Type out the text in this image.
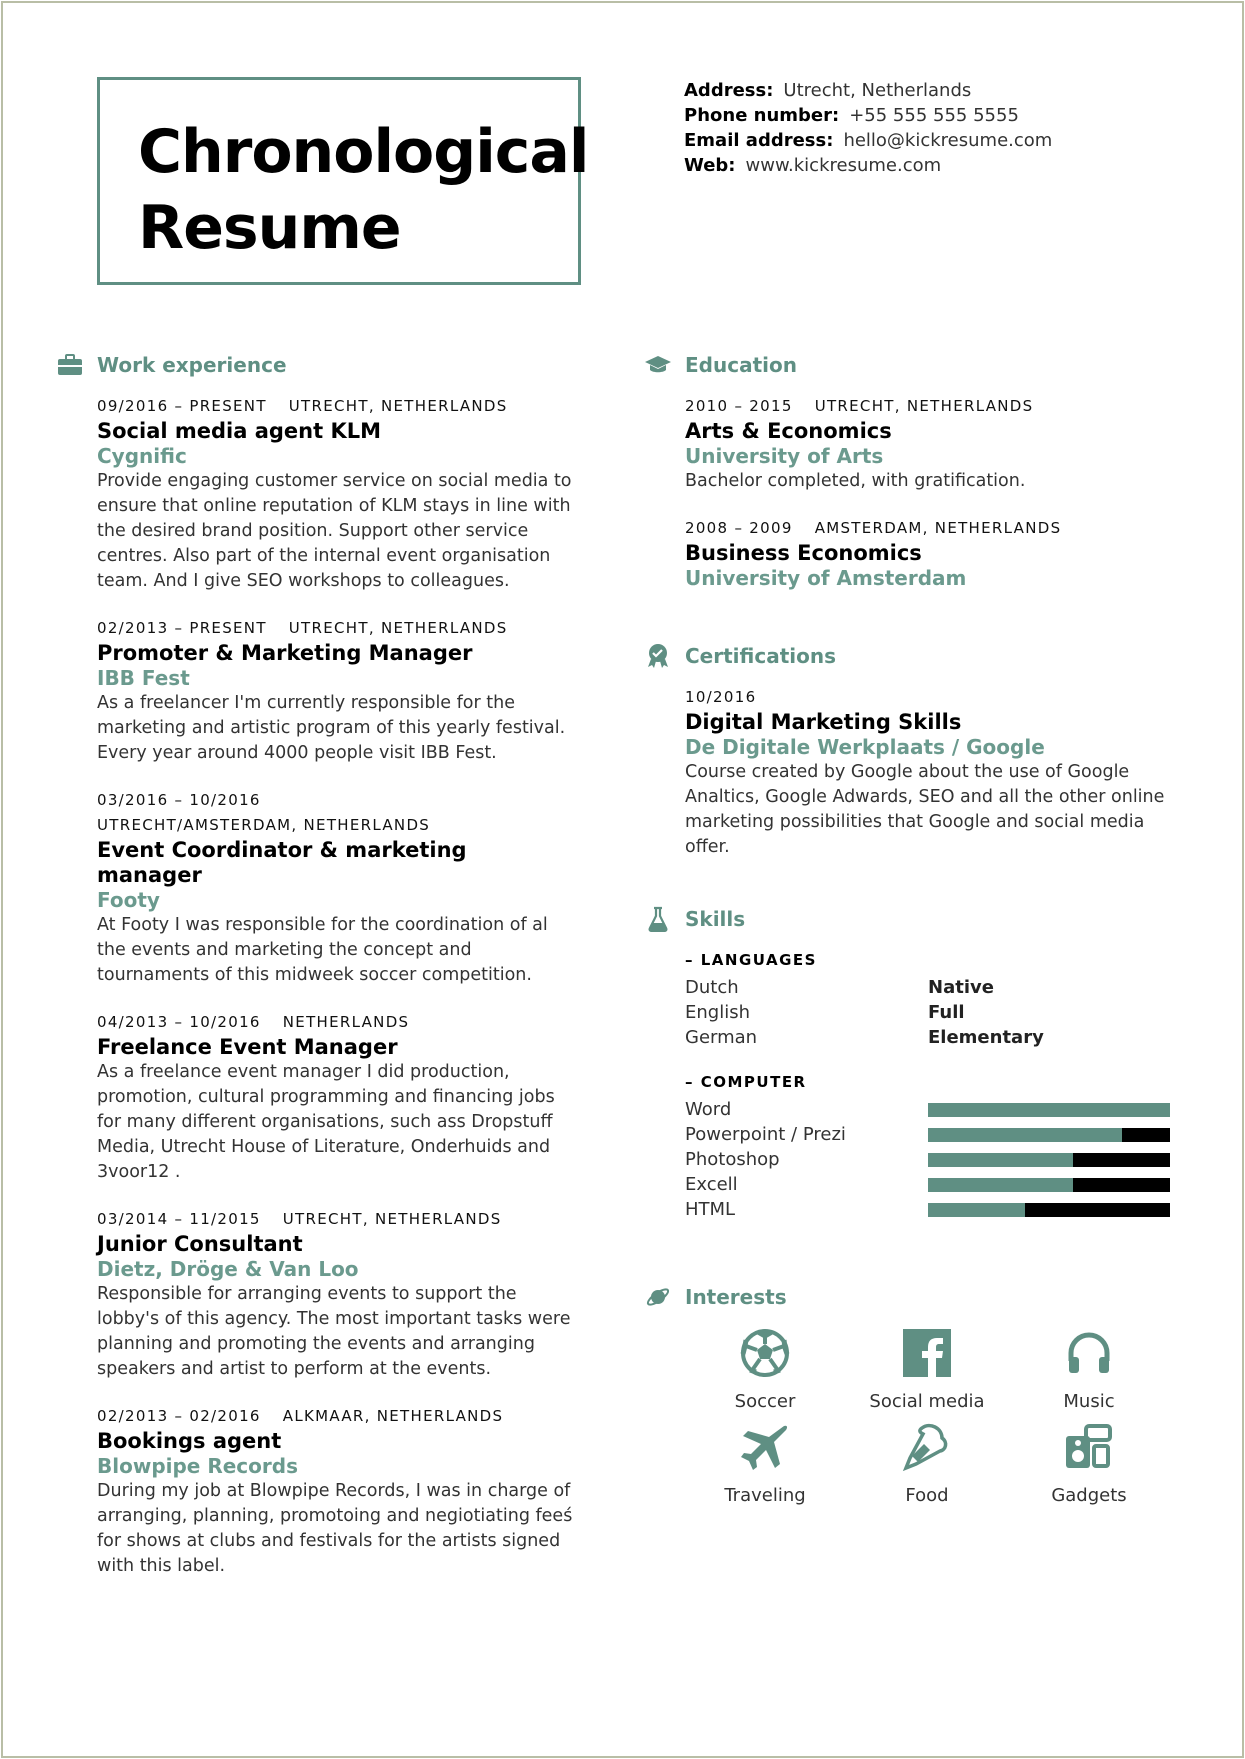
Chronological
Resume
Address: Utrecht, Netherlands
Phone number: +55 555 555 5555
Email address: hello@kickresume.com
Web: www.kickresume.com
Work experience
09/2016 – PRESENT UTRECHT, NETHERLANDS
Social media agent KLM
Cygnific
Provide engaging customer service on social media to ensure that online reputation of KLM stays in line with the desired brand position. Support other service centres. Also part of the internal event organisation team. And I give SEO workshops to colleagues.
02/2013 – PRESENT UTRECHT, NETHERLANDS
Promoter & Marketing Manager
IBB Fest
As a freelancer I'm currently responsible for the marketing and artistic program of this yearly festival. Every year around 4000 people visit IBB Fest.
03/2016 – 10/2016
UTRECHT/AMSTERDAM, NETHERLANDS
Event Coordinator & marketing manager
Footy
At Footy I was responsible for the coordination of al the events and marketing the concept and tournaments of this midweek soccer competition.
04/2013 – 10/2016 NETHERLANDS
Freelance Event Manager
As a freelance event manager I did production, promotion, cultural programming and financing jobs for many different organisations, such ass Dropstuff Media, Utrecht House of Literature, Onderhuids and 3voor12 .
03/2014 – 11/2015 UTRECHT, NETHERLANDS
Junior Consultant
Dietz, Dröge & Van Loo
Responsible for arranging events to support the lobby's of this agency. The most important tasks were planning and promoting the events and arranging speakers and artist to perform at the events.
02/2013 – 02/2016 ALKMAAR, NETHERLANDS
Bookings agent
Blowpipe Records
During my job at Blowpipe Records, I was in charge of arranging, planning, promotoing and negiotiating feeś for shows at clubs and festivals for the artists signed with this label.
Education
2010 – 2015 UTRECHT, NETHERLANDS
Arts & Economics
University of Arts
Bachelor completed, with gratification.
2008 – 2009 AMSTERDAM, NETHERLANDS
Business Economics
University of Amsterdam
Certifications
10/2016
Digital Marketing Skills
De Digitale Werkplaats / Google
Course created by Google about the use of Google Analtics, Google Adwards, SEO and all the other online marketing possibilities that Google and social media offer.
Skills
– LANGUAGES
Dutch	Native
English	Full
German	Elementary
– COMPUTER
Word
Powerpoint / Prezi
Photoshop
Excell
HTML
Interests
Soccer	Social media	Music
Traveling	Food	Gadgets
